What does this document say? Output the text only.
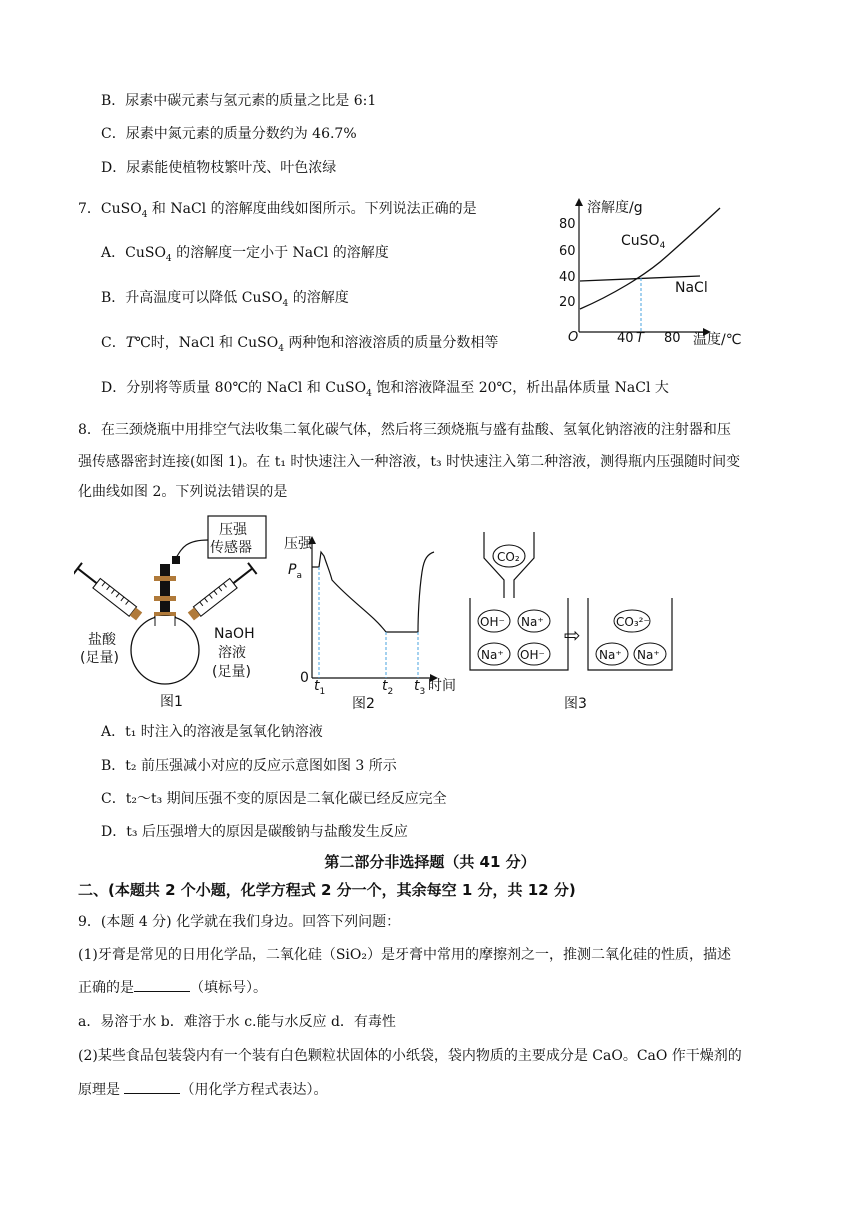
B．尿素中碳元素与氢元素的质量之比是 6:1
C．尿素中氮元素的质量分数约为 46.7%
D．尿素能使植物枝繁叶茂、叶色浓绿
7．CuSO$_4$ 和 NaCl 的溶解度曲线如图所示。下列说法正确的是
A．CuSO$_4$ 的溶解度一定小于 NaCl 的溶解度
B．升高温度可以降低 CuSO$_4$ 的溶解度
C．T℃时，NaCl 和 CuSO$_4$ 两种饱和溶液溶质的质量分数相等
D．分别将等质量 80℃的 NaCl 和 CuSO$_4$ 饱和溶液降温至 20℃，析出晶体质量 NaCl 大
溶解度/g
80
60
40
20
O	40 T 80 温度/℃
CuSO$_4$
NaCl
8．在三颈烧瓶中用排空气法收集二氧化碳气体，然后将三颈烧瓶与盛有盐酸、氢氧化钠溶液的注射器和压
强传感器密封连接(如图 1)。在 t₁ 时快速注入一种溶液，t₃ 时快速注入第二种溶液，测得瓶内压强随时间变
化曲线如图 2。下列说法错误的是
压强
传感器
盐酸
(足量)
NaOH
溶液
(足量)
图1
压强
$P_a$
0 $t_1$	$t_2$ $t_3$ 时间
图2
CO₂
OH⁻ Na⁺
Na⁺ OH⁻
⇨
CO₃²⁻
Na⁺ Na⁺
图3
A．t₁ 时注入的溶液是氢氧化钠溶液
B．t₂ 前压强减小对应的反应示意图如图 3 所示
C．t₂～t₃ 期间压强不变的原因是二氧化碳已经反应完全
D．t₃ 后压强增大的原因是碳酸钠与盐酸发生反应
第二部分非选择题（共 41 分）
二、(本题共 2 个小题，化学方程式 2 分一个，其余每空 1 分，共 12 分)
9．(本题 4 分) 化学就在我们身边。回答下列问题：
(1)牙膏是常见的日用化学品，二氧化硅（SiO₂）是牙膏中常用的摩擦剂之一，推测二氧化硅的性质，描述
正确的是	（填标号）。
a．易溶于水 b．难溶于水 c.能与水反应 d．有毒性
(2)某些食品包装袋内有一个装有白色颗粒状固体的小纸袋，袋内物质的主要成分是 CaO。CaO 作干燥剂的
原理是	（用化学方程式表达）。
